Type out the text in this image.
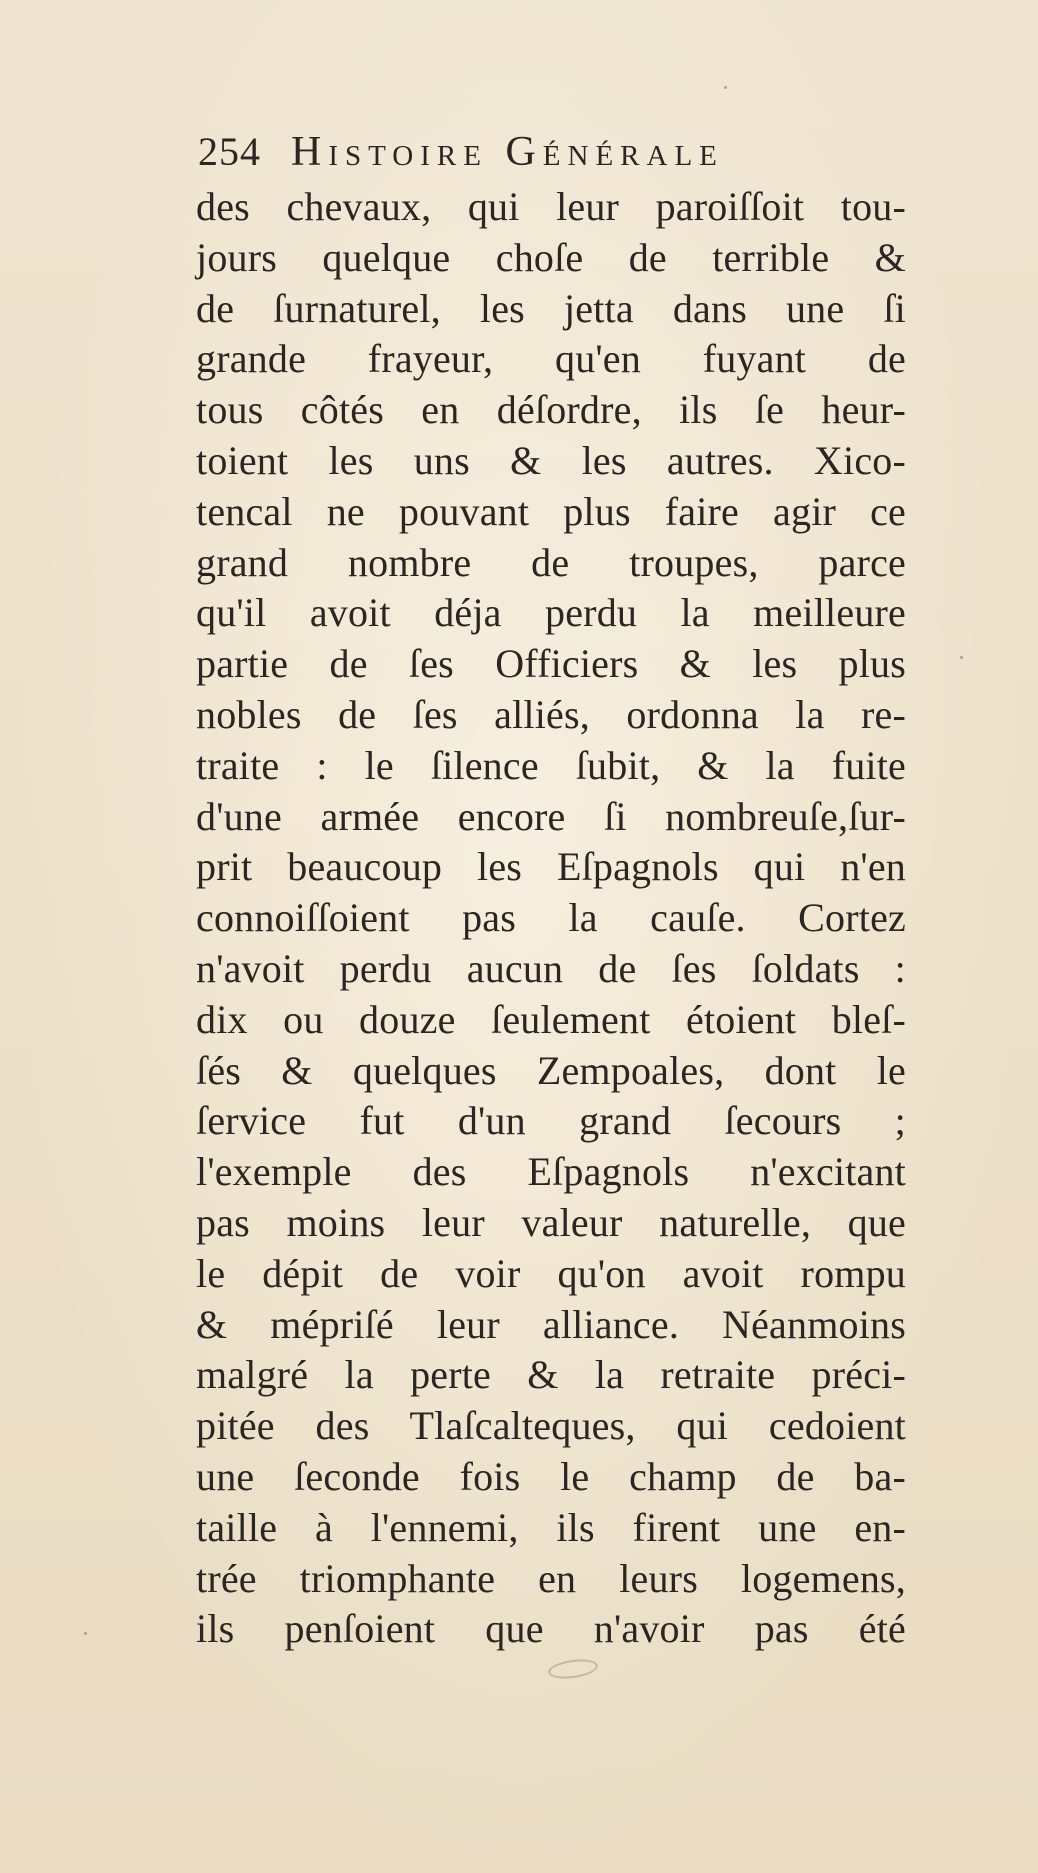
254 Histoire Générale
des chevaux, qui leur paroiſſoit tou-
jours quelque choſe de terrible &
de ſurnaturel, les jetta dans une ſi
grande frayeur, qu'en fuyant de
tous côtés en déſordre, ils ſe heur-
toient les uns & les autres. Xico-
tencal ne pouvant plus faire agir ce
grand nombre de troupes, parce
qu'il avoit déja perdu la meilleure
partie de ſes Officiers & les plus
nobles de ſes alliés, ordonna la re-
traite : le ſilence ſubit, & la fuite
d'une armée encore ſi nombreuſe,ſur-
prit beaucoup les Eſpagnols qui n'en
connoiſſoient pas la cauſe. Cortez
n'avoit perdu aucun de ſes ſoldats :
dix ou douze ſeulement étoient bleſ-
ſés & quelques Zempoales, dont le
ſervice fut d'un grand ſecours ;
l'exemple des Eſpagnols n'excitant
pas moins leur valeur naturelle, que
le dépit de voir qu'on avoit rompu
& mépriſé leur alliance. Néanmoins
malgré la perte & la retraite préci-
pitée des Tlaſcalteques, qui cedoient
une ſeconde fois le champ de ba-
taille à l'ennemi, ils firent une en-
trée triomphante en leurs logemens,
ils penſoient que n'avoir pas été
